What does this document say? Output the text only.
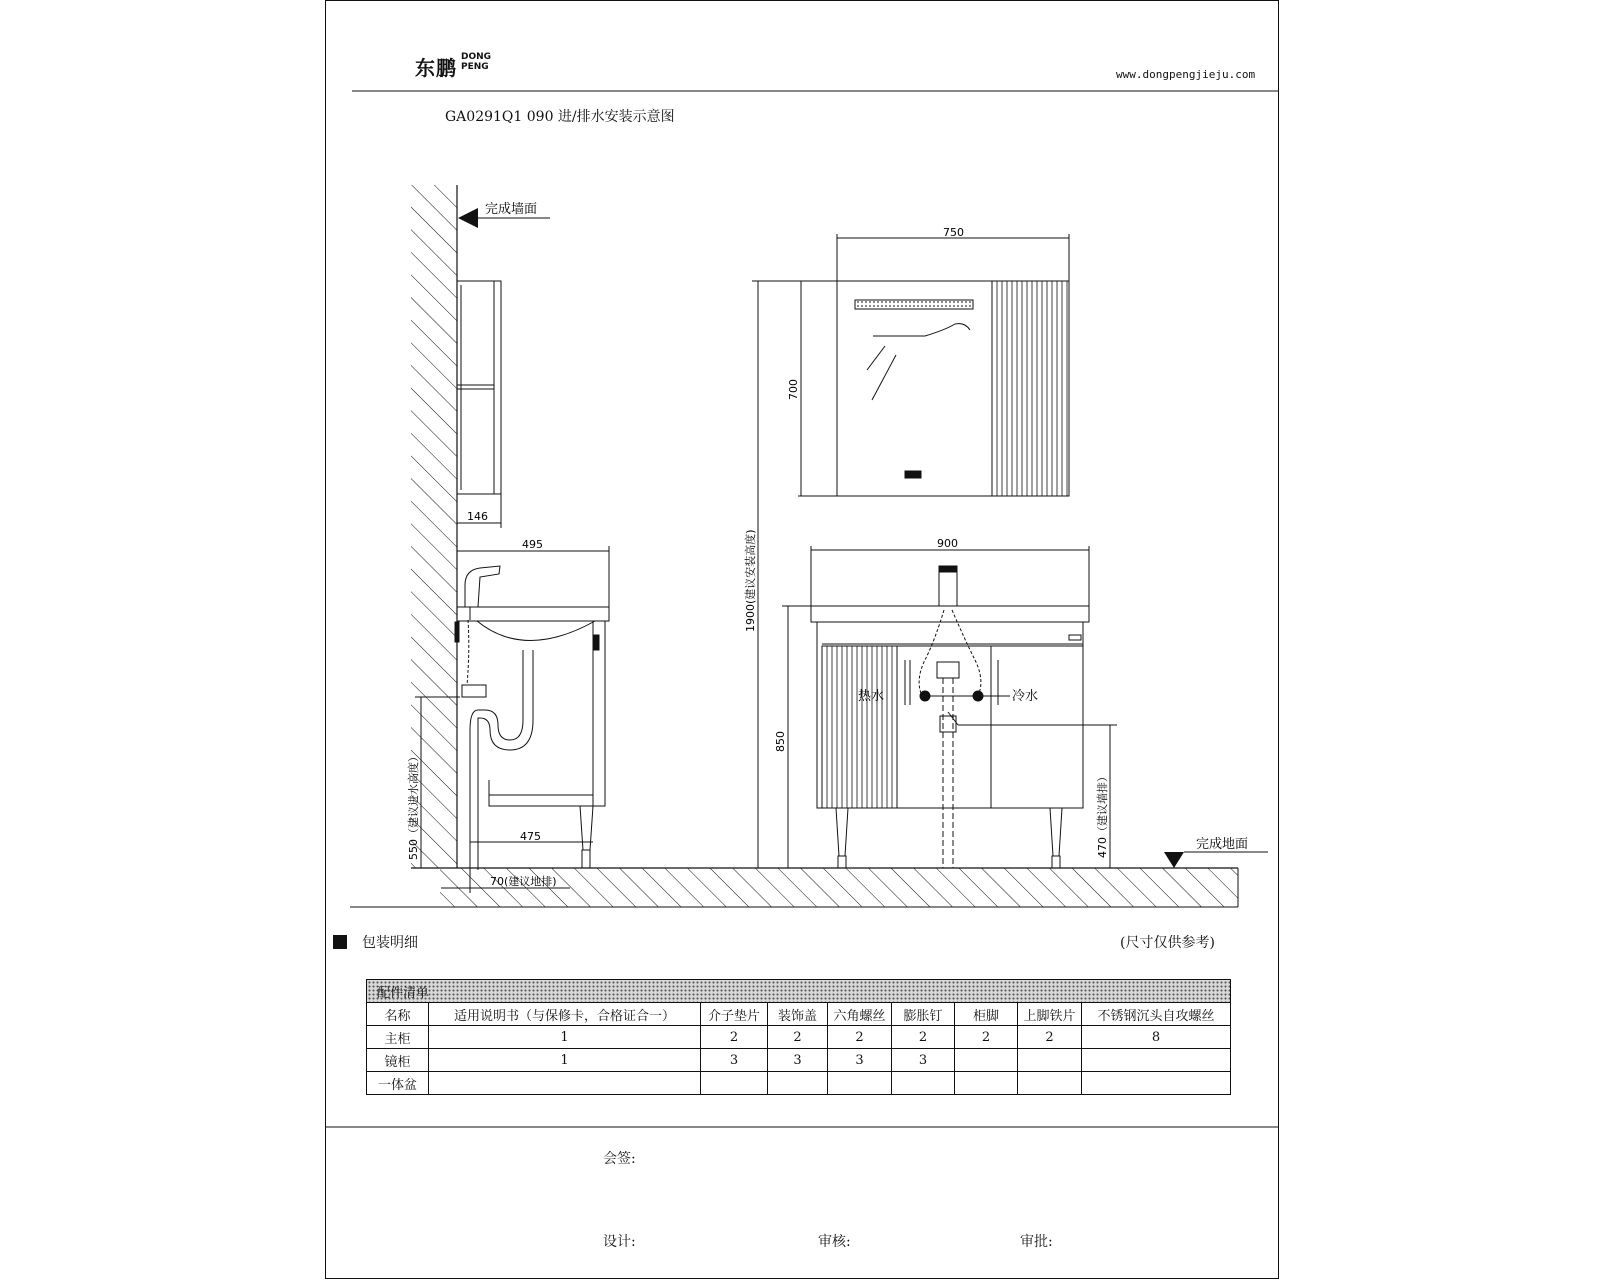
东鹏 DONG
PENG
www.dongpengjieju.com
GA0291Q1 090 进/排水安装示意图
完成墙面
146
495
475
70(建议地排)
550（建议进水高度）
750
700
1900(建议安装高度)	900
850
470（建议墙排）
热水	冷水
完成地面
包装明细	(尺寸仅供参考)
配件清单								
名称	适用说明书（与保修卡，合格证合一）	介子垫片	装饰盖	六角螺丝	膨胀钉	柜脚	上脚铁片	不锈钢沉头自攻螺丝
主柜	1	2	2	2	2	2	2	8
镜柜	1	3	3	3	3			
一体盆								
会签:
设计:	审核:	审批:
